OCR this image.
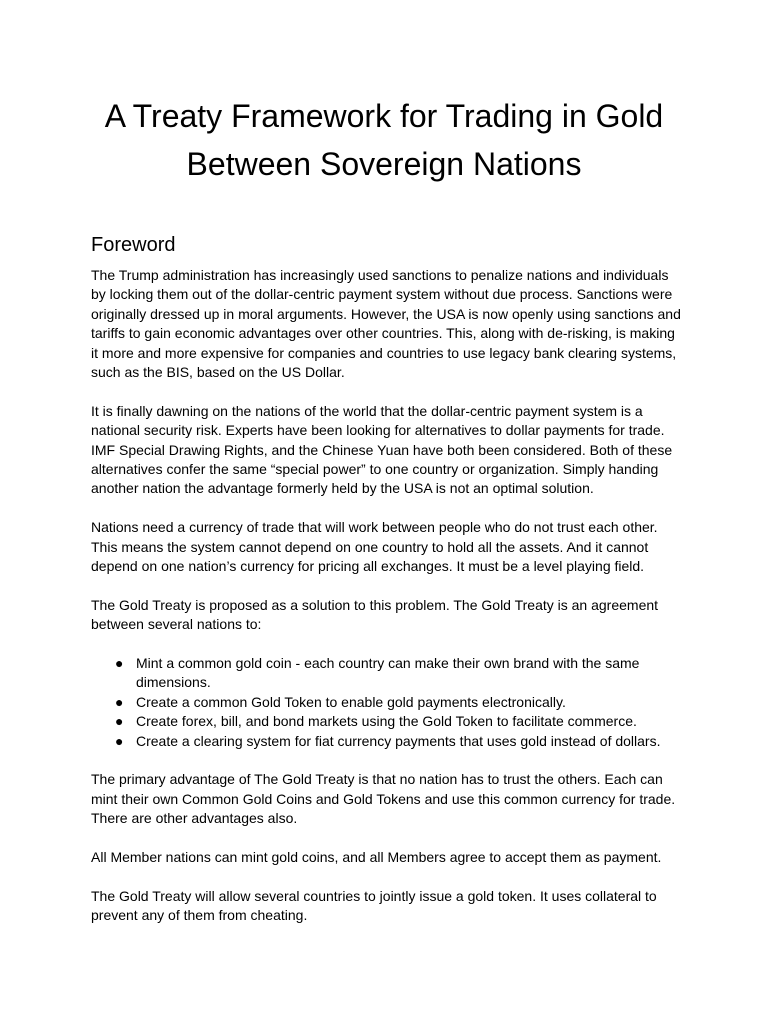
A Treaty Framework for Trading in Gold
Between Sovereign Nations
Foreword

The Trump administration has increasingly used sanctions to penalize nations and individuals
by locking them out of the dollar-centric payment system without due process. Sanctions were
originally dressed up in moral arguments. However, the USA is now openly using sanctions and
tariffs to gain economic advantages over other countries. This, along with de-risking, is making
it more and more expensive for companies and countries to use legacy bank clearing systems,
such as the BIS, based on the US Dollar.

It is finally dawning on the nations of the world that the dollar-centric payment system is a
national security risk. Experts have been looking for alternatives to dollar payments for trade.
IMF Special Drawing Rights, and the Chinese Yuan have both been considered. Both of these
alternatives confer the same “special power” to one country or organization. Simply handing
another nation the advantage formerly held by the USA is not an optimal solution.

Nations need a currency of trade that will work between people who do not trust each other.
This means the system cannot depend on one country to hold all the assets. And it cannot
depend on one nation’s currency for pricing all exchanges. It must be a level playing field.

The Gold Treaty is proposed as a solution to this problem. The Gold Treaty is an agreement
between several nations to:

● Mint a common gold coin - each country can make their own brand with the same
dimensions.
● Create a common Gold Token to enable gold payments electronically.
● Create forex, bill, and bond markets using the Gold Token to facilitate commerce.
● Create a clearing system for fiat currency payments that uses gold instead of dollars.

The primary advantage of The Gold Treaty is that no nation has to trust the others. Each can
mint their own Common Gold Coins and Gold Tokens and use this common currency for trade.
There are other advantages also.

All Member nations can mint gold coins, and all Members agree to accept them as payment.

The Gold Treaty will allow several countries to jointly issue a gold token. It uses collateral to
prevent any of them from cheating.
